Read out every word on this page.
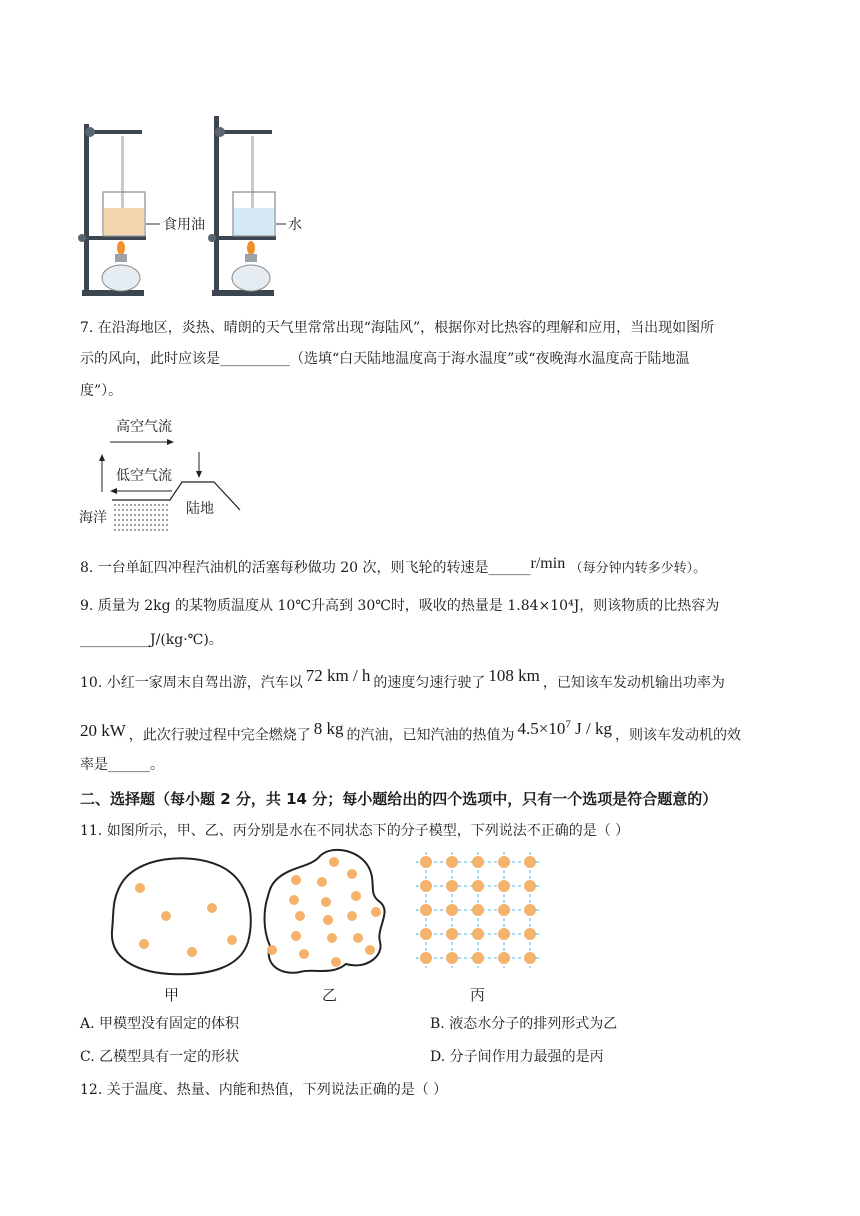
食用油	水
7. 在沿海地区，炎热、晴朗的天气里常常出现“海陆风”，根据你对比热容的理解和应用，当出现如图所
示的风向，此时应该是__________（选填“白天陆地温度高于海水温度”或“夜晚海水温度高于陆地温
度”）。
高空气流
低空气流
海洋
陆地
8. 一台单缸四冲程汽油机的活塞每秒做功 20 次，则飞轮的转速是______r/min （每分钟内转多少转）。
9. 质量为 2kg 的某物质温度从 10℃升高到 30℃时，吸收的热量是 1.84×10⁴J，则该物质的比热容为
__________J/(kg·℃)。
10. 小红一家周末自驾出游，汽车以 72 km / h 的速度匀速行驶了 108 km ，已知该车发动机输出功率为
20 kW ，此次行驶过程中完全燃烧了 8 kg 的汽油，已知汽油的热值为 $4.5\times 10^7$ J / kg ，则该车发动机的效
率是______。
二、选择题（每小题 2 分，共 14 分；每小题给出的四个选项中，只有一个选项是符合题意的）
11. 如图所示，甲、乙、丙分别是水在不同状态下的分子模型，下列说法不正确的是（ ）
甲	乙	丙
A. 甲模型没有固定的体积	B. 液态水分子的排列形式为乙
C. 乙模型具有一定的形状	D. 分子间作用力最强的是丙
12. 关于温度、热量、内能和热值，下列说法正确的是（ ）
